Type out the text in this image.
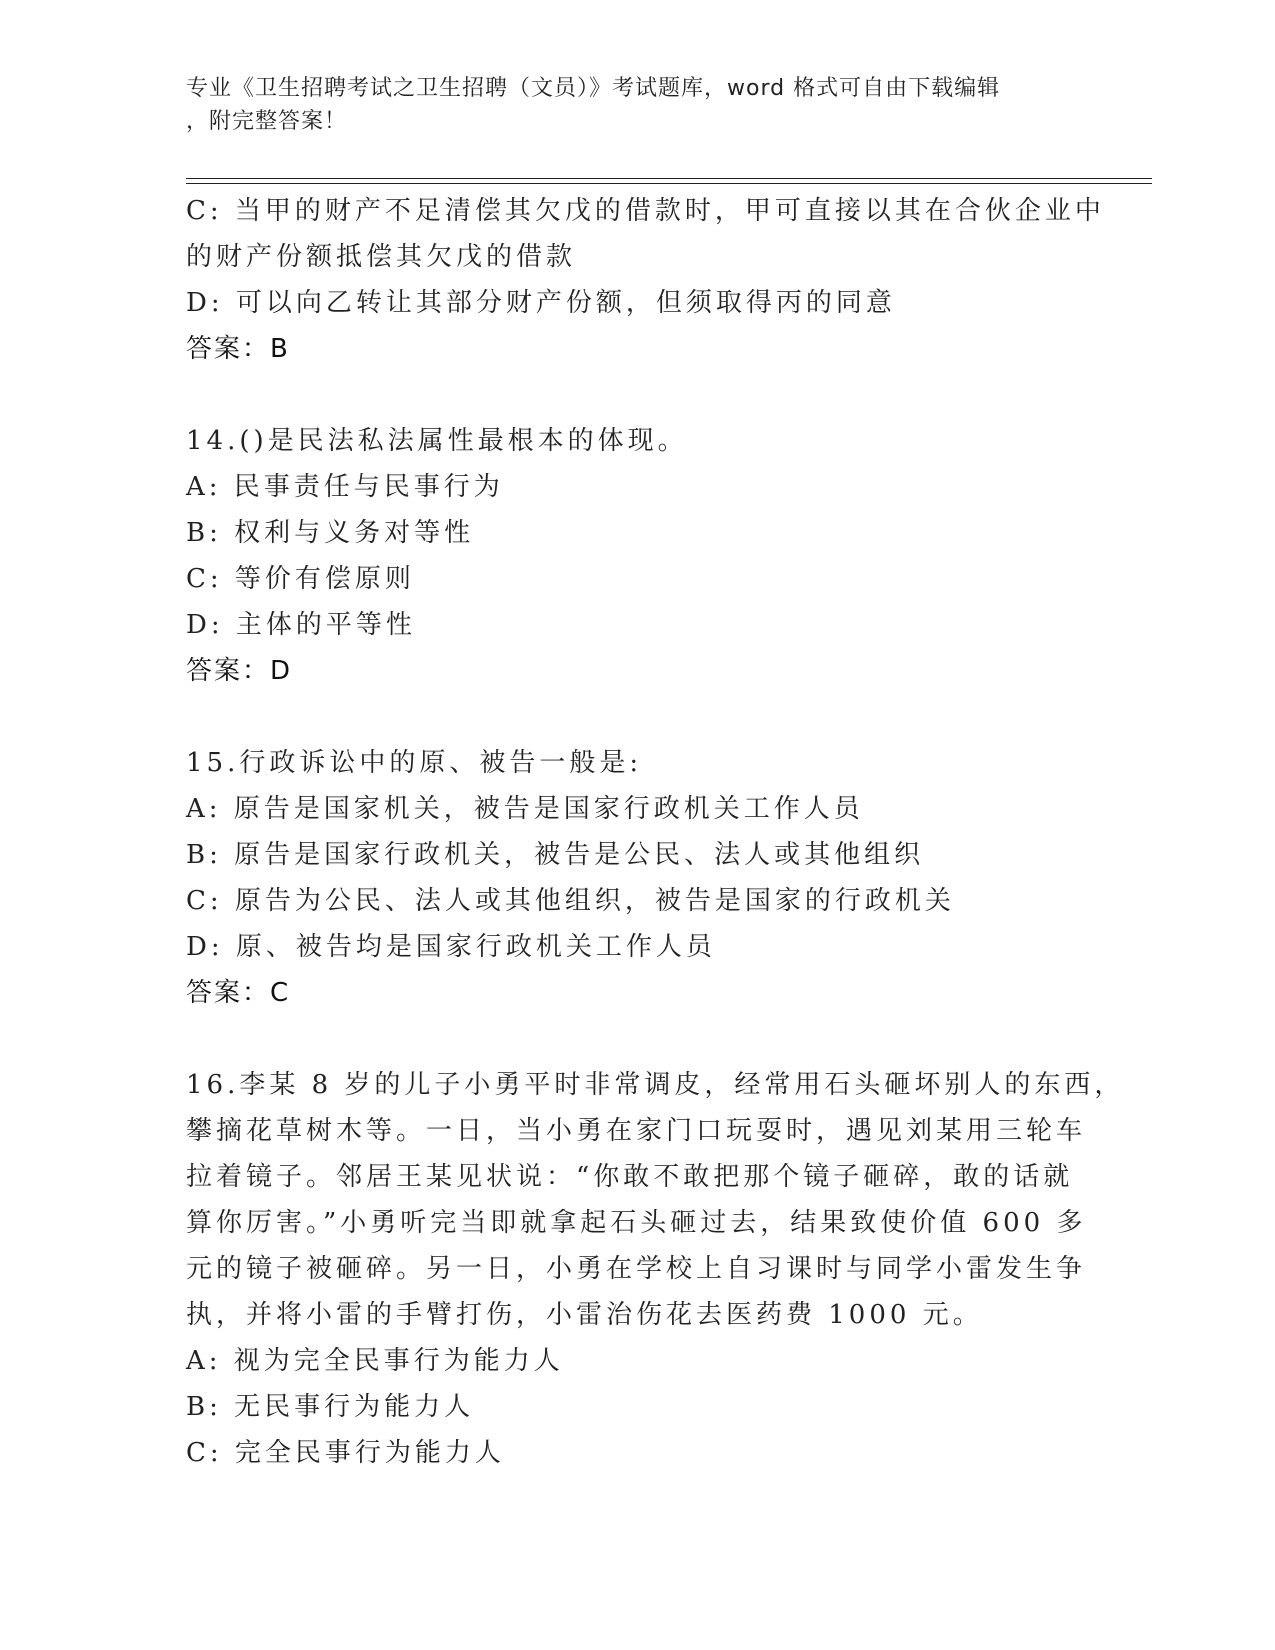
专业《卫生招聘考试之卫生招聘（文员）》考试题库，word 格式可自由下载编辑
，附完整答案！
C: 当甲的财产不足清偿其欠戊的借款时，甲可直接以其在合伙企业中
的财产份额抵偿其欠戊的借款
D: 可以向乙转让其部分财产份额，但须取得丙的同意
答案：B
14.()是民法私法属性最根本的体现。
A: 民事责任与民事行为
B: 权利与义务对等性
C: 等价有偿原则
D: 主体的平等性
答案：D
15.行政诉讼中的原、被告一般是:
A: 原告是国家机关，被告是国家行政机关工作人员
B: 原告是国家行政机关，被告是公民、法人或其他组织
C: 原告为公民、法人或其他组织，被告是国家的行政机关
D: 原、被告均是国家行政机关工作人员
答案：C
16.李某 8 岁的儿子小勇平时非常调皮，经常用石头砸坏别人的东西，
攀摘花草树木等。一日，当小勇在家门口玩耍时，遇见刘某用三轮车
拉着镜子。邻居王某见状说：“你敢不敢把那个镜子砸碎，敢的话就
算你厉害。”小勇听完当即就拿起石头砸过去，结果致使价值 600 多
元的镜子被砸碎。另一日，小勇在学校上自习课时与同学小雷发生争
执，并将小雷的手臂打伤，小雷治伤花去医药费 1000 元。
A: 视为完全民事行为能力人
B: 无民事行为能力人
C: 完全民事行为能力人
